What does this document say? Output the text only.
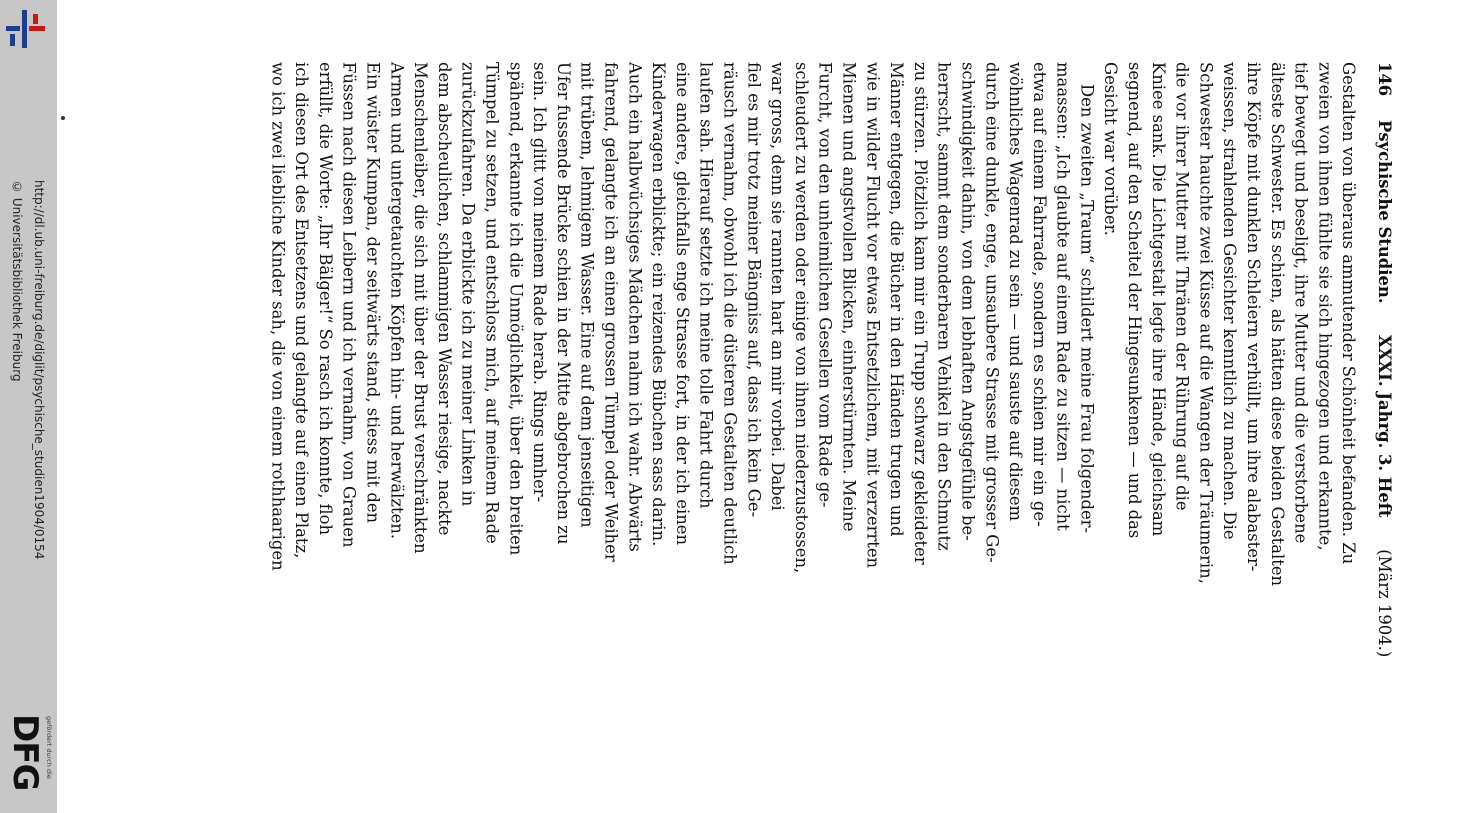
http://dl.ub.uni-freiburg.de/diglit/psychische_studien1904/0154
© Universitätsbibliothek Freiburg
DFG gefördert durch die
146 Psychische Studien. XXXI. Jahrg. 3. Heft (März 1904.)
Gestalten von überaus ammutender Schönheit befanden. Zu
zweien von ihnen fühlte sie sich hingezogen und erkannte,
tief bewegt und beseligt, ihre Mutter und die verstorbene
älteste Schwester. Es schien, als hätten diese beiden Gestalten
ihre Köpfe mit dunklen Schleiern verhüllt, um ihre alabaster-
weissen, strahlenden Gesichter kenntlich zu machen. Die
Schwester hauchte zwei Küsse auf die Wangen der Träumerin,
die vor ihrer Mutter mit Thränen der Rührung auf die
Kniee sank. Die Lichtgestalt legte ihre Hände, gleichsam
segnend, auf den Scheitel der Hingesunkenen — und das
Gesicht war vorüber.
Den zweiten „Traum“ schildert meine Frau folgender-
maassen: „Ich glaubte auf einem Rade zu sitzen — nicht
etwa auf einem Fahrrade, sondern es schien mir ein ge-
wöhnliches Wagenrad zu sein — und sauste auf diesem
durch eine dunkle, enge, unsaubere Strasse mit grosser Ge-
schwindigkeit dahin, von dem lebhaften Angstgefühle be-
herrscht, sammt dem sonderbaren Vehikel in den Schmutz
zu stürzen. Plötzlich kam mir ein Trupp schwarz gekleideter
Männer entgegen, die Bücher in den Händen trugen und
wie in wilder Flucht vor etwas Entsetzlichem, mit verzerrten
Mienen und angstvollen Blicken, einherstürmten. Meine
Furcht, von den unheimlichen Gesellen vom Rade ge-
schleudert zu werden oder einige von ihnen niederzustossen,
war gross, denn sie rannten hart an mir vorbei. Dabei
fiel es mir trotz meiner Bängniss auf, dass ich kein Ge-
räusch vernahm, obwohl ich die düsteren Gestalten deutlich
laufen sah. Hierauf setzte ich meine tolle Fahrt durch
eine andere, gleichfalls enge Strasse fort, in der ich einen
Kinderwagen erblickte; ein reizendes Bübchen sass darin.
Auch ein halbwüchsiges Mädchen nahm ich wahr. Abwärts
fahrend, gelangte ich an einen grossen Tümpel oder Weiher
mit trübem, lehmigem Wasser. Eine auf dem jenseitigen
Ufer fussende Brücke schien in der Mitte abgebrochen zu
sein. Ich glitt von meinem Rade herab. Rings umher-
spähend, erkannte ich die Unmöglichkeit, über den breiten
Tümpel zu setzen, und entschloss mich, auf meinem Rade
zurückzufahren. Da erblickte ich zu meiner Linken in
dem abscheulichen, schlammigen Wasser riesige, nackte
Menschenleiber, die sich mit über der Brust verschränkten
Armen und untergetauchten Köpfen hin- und herwälzten.
Ein wüster Kumpan, der seitwärts stand, stiess mit den
Füssen nach diesen Leibern und ich vernahm, von Grauen
erfüllt, die Worte: „Ihr Bälger!“ So rasch ich konnte, floh
ich diesen Ort des Entsetzens und gelangte auf einen Platz,
wo ich zwei liebliche Kinder sah, die von einem rothhaarigen
